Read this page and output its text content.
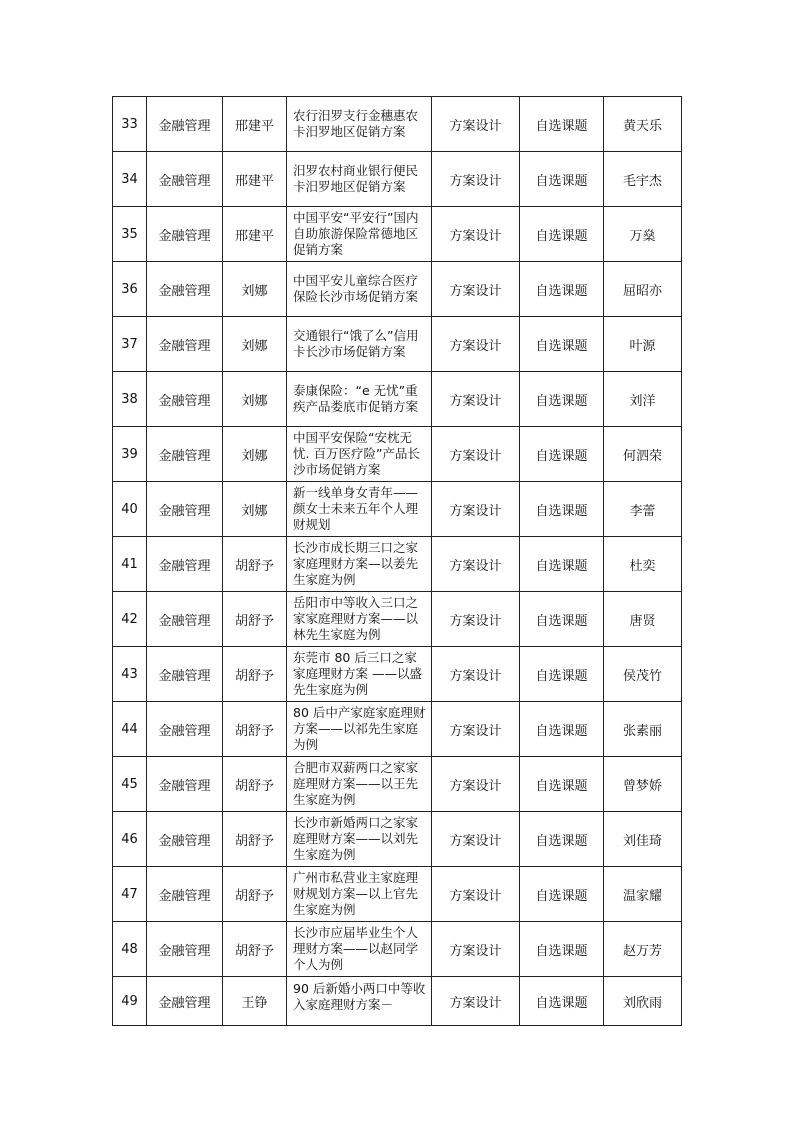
33	金融管理	邢建平	农行汨罗支行金穗惠农卡汨罗地区促销方案	方案设计	自选课题	黄天乐
34	金融管理	邢建平	汨罗农村商业银行便民卡汨罗地区促销方案	方案设计	自选课题	毛宇杰
35	金融管理	邢建平	中国平安“平安行”国内自助旅游保险常德地区促销方案	方案设计	自选课题	万燊
36	金融管理	刘娜	中国平安儿童综合医疗保险长沙市场促销方案	方案设计	自选课题	屈昭亦
37	金融管理	刘娜	交通银行“饿了么”信用卡长沙市场促销方案	方案设计	自选课题	叶源
38	金融管理	刘娜	泰康保险：“e 无忧”重疾产品娄底市促销方案	方案设计	自选课题	刘洋
39	金融管理	刘娜	中国平安保险“安枕无忧. 百万医疗险”产品长沙市场促销方案	方案设计	自选课题	何泗荣
40	金融管理	刘娜	新一线单身女青年——颜女士未来五年个人理财规划	方案设计	自选课题	李蕾
41	金融管理	胡舒予	长沙市成长期三口之家家庭理财方案—以姜先生家庭为例	方案设计	自选课题	杜奕
42	金融管理	胡舒予	岳阳市中等收入三口之家家庭理财方案——以林先生家庭为例	方案设计	自选课题	唐贤
43	金融管理	胡舒予	东莞市 80 后三口之家家庭理财方案 ——以盛先生家庭为例	方案设计	自选课题	侯茂竹
44	金融管理	胡舒予	80 后中产家庭家庭理财方案——以祁先生家庭为例	方案设计	自选课题	张素丽
45	金融管理	胡舒予	合肥市双薪两口之家家庭理财方案——以王先生家庭为例	方案设计	自选课题	曾梦娇
46	金融管理	胡舒予	长沙市新婚两口之家家庭理财方案——以刘先生家庭为例	方案设计	自选课题	刘佳琦
47	金融管理	胡舒予	广州市私营业主家庭理财规划方案—以上官先生家庭为例	方案设计	自选课题	温家耀
48	金融管理	胡舒予	长沙市应届毕业生个人理财方案——以赵同学个人为例	方案设计	自选课题	赵万芳
49	金融管理	王铮	90 后新婚小两口中等收入家庭理财方案－	方案设计	自选课题	刘欣雨
